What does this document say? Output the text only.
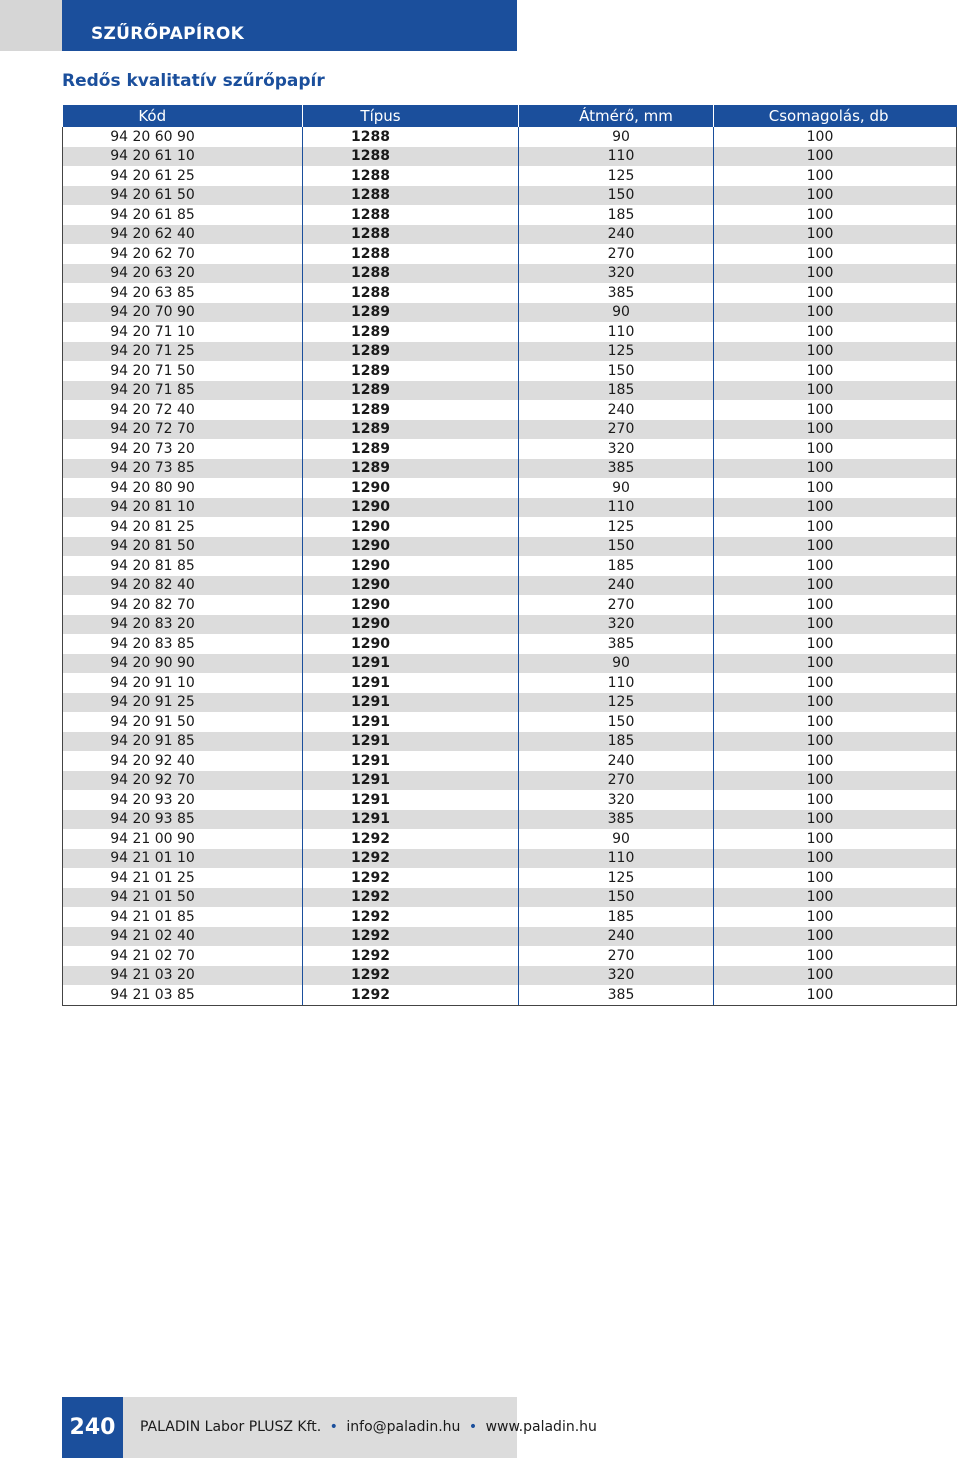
SZŰRŐPAPÍROK
Redős kvalitatív szűrőpapír
Kód	Típus	Átmérő, mm	Csomagolás, db
94 20 60 90	1288	90	100
94 20 61 10	1288	110	100
94 20 61 25	1288	125	100
94 20 61 50	1288	150	100
94 20 61 85	1288	185	100
94 20 62 40	1288	240	100
94 20 62 70	1288	270	100
94 20 63 20	1288	320	100
94 20 63 85	1288	385	100
94 20 70 90	1289	90	100
94 20 71 10	1289	110	100
94 20 71 25	1289	125	100
94 20 71 50	1289	150	100
94 20 71 85	1289	185	100
94 20 72 40	1289	240	100
94 20 72 70	1289	270	100
94 20 73 20	1289	320	100
94 20 73 85	1289	385	100
94 20 80 90	1290	90	100
94 20 81 10	1290	110	100
94 20 81 25	1290	125	100
94 20 81 50	1290	150	100
94 20 81 85	1290	185	100
94 20 82 40	1290	240	100
94 20 82 70	1290	270	100
94 20 83 20	1290	320	100
94 20 83 85	1290	385	100
94 20 90 90	1291	90	100
94 20 91 10	1291	110	100
94 20 91 25	1291	125	100
94 20 91 50	1291	150	100
94 20 91 85	1291	185	100
94 20 92 40	1291	240	100
94 20 92 70	1291	270	100
94 20 93 20	1291	320	100
94 20 93 85	1291	385	100
94 21 00 90	1292	90	100
94 21 01 10	1292	110	100
94 21 01 25	1292	125	100
94 21 01 50	1292	150	100
94 21 01 85	1292	185	100
94 21 02 40	1292	240	100
94 21 02 70	1292	270	100
94 21 03 20	1292	320	100
94 21 03 85	1292	385	100
240	PALADIN Labor PLUSZ Kft. • info@paladin.hu • www.paladin.hu
